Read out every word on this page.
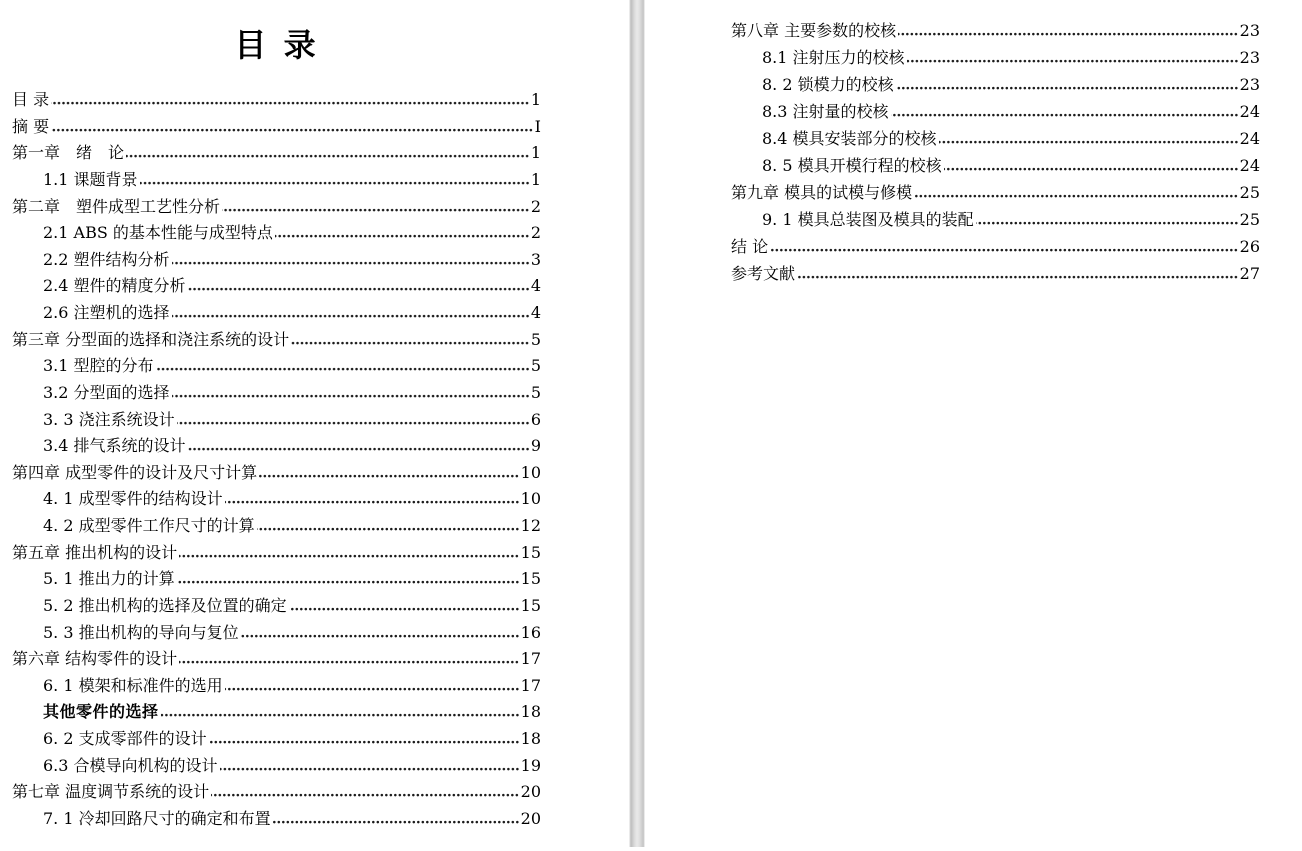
目 录
目 录	1
摘 要	I
第一章　绪　论	1
1.1 课题背景	1
第二章　塑件成型工艺性分析	2
2.1 ABS 的基本性能与成型特点	2
2.2 塑件结构分析	3
2.4 塑件的精度分析	4
2.6 注塑机的选择	4
第三章 分型面的选择和浇注系统的设计	5
3.1 型腔的分布	5
3.2 分型面的选择	5
3. 3 浇注系统设计	6
3.4 排气系统的设计	9
第四章 成型零件的设计及尺寸计算	10
4. 1 成型零件的结构设计	10
4. 2 成型零件工作尺寸的计算	12
第五章 推出机构的设计	15
5. 1 推出力的计算	15
5. 2 推出机构的选择及位置的确定	15
5. 3 推出机构的导向与复位	16
第六章 结构零件的设计	17
6. 1 模架和标准件的选用	17
其他零件的选择	18
6. 2 支成零部件的设计	18
6.3 合模导向机构的设计	19
第七章 温度调节系统的设计	20
7. 1 冷却回路尺寸的确定和布置	20
第八章 主要参数的校核	23
8.1 注射压力的校核	23
8. 2 锁模力的校核	23
8.3 注射量的校核	24
8.4 模具安装部分的校核	24
8. 5 模具开模行程的校核	24
第九章 模具的试模与修模	25
9. 1 模具总装图及模具的装配	25
结 论	26
参考文献	27
